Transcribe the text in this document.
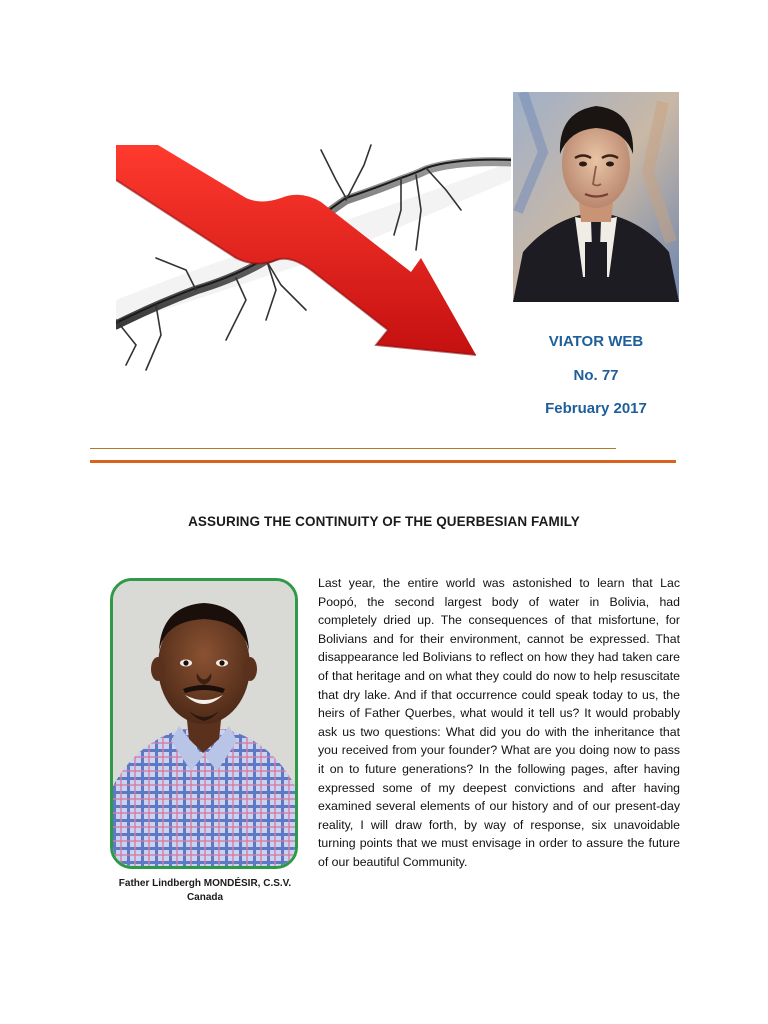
VIATOR WEB
No. 77
February 2017
ASSURING THE CONTINUITY OF THE QUERBESIAN FAMILY
Father Lindbergh MONDÉSIR, C.S.V.
Canada
Last year, the entire world was astonished to learn that Lac Poopó, the second largest body of water in Bolivia, had completely dried up. The consequences of that misfortune, for Bolivians and for their environment, cannot be expressed. That disappearance led Bolivians to reflect on how they had taken care of that heritage and on what they could do now to help resuscitate that dry lake. And if that occurrence could speak today to us, the heirs of Father Querbes, what would it tell us? It would probably ask us two questions: What did you do with the inheritance that you received from your founder? What are you doing now to pass it on to future generations? In the following pages, after having expressed some of my deepest convictions and after having examined several elements of our history and of our present-day reality, I will draw forth, by way of response, six unavoidable turning points that we must envisage in order to assure the future of our beautiful Community.
